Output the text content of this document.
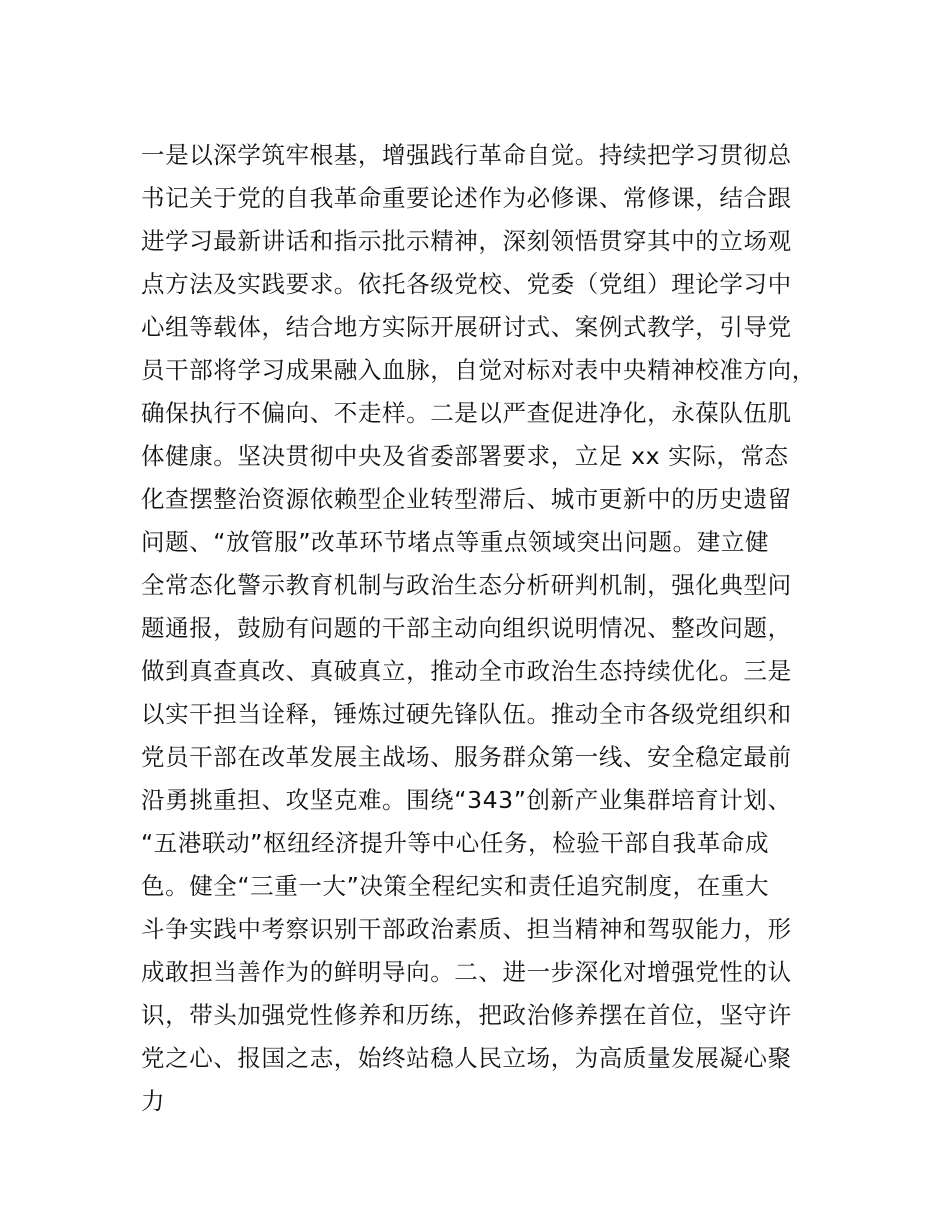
一是以深学筑牢根基，增强践行革命自觉。持续把学习贯彻总
书记关于党的自我革命重要论述作为必修课、常修课，结合跟
进学习最新讲话和指示批示精神，深刻领悟贯穿其中的立场观
点方法及实践要求。依托各级党校、党委（党组）理论学习中
心组等载体，结合地方实际开展研讨式、案例式教学，引导党
员干部将学习成果融入血脉，自觉对标对表中央精神校准方向，
确保执行不偏向、不走样。二是以严查促进净化，永葆队伍肌
体健康。坚决贯彻中央及省委部署要求，立足 xx 实际，常态
化查摆整治资源依赖型企业转型滞后、城市更新中的历史遗留
问题、“放管服”改革环节堵点等重点领域突出问题。建立健
全常态化警示教育机制与政治生态分析研判机制，强化典型问
题通报，鼓励有问题的干部主动向组织说明情况、整改问题，
做到真查真改、真破真立，推动全市政治生态持续优化。三是
以实干担当诠释，锤炼过硬先锋队伍。推动全市各级党组织和
党员干部在改革发展主战场、服务群众第一线、安全稳定最前
沿勇挑重担、攻坚克难。围绕“343”创新产业集群培育计划、
“五港联动”枢纽经济提升等中心任务，检验干部自我革命成
色。健全“三重一大”决策全程纪实和责任追究制度，在重大
斗争实践中考察识别干部政治素质、担当精神和驾驭能力，形
成敢担当善作为的鲜明导向。二、进一步深化对增强党性的认
识，带头加强党性修养和历练，把政治修养摆在首位，坚守许
党之心、报国之志，始终站稳人民立场，为高质量发展凝心聚
力
